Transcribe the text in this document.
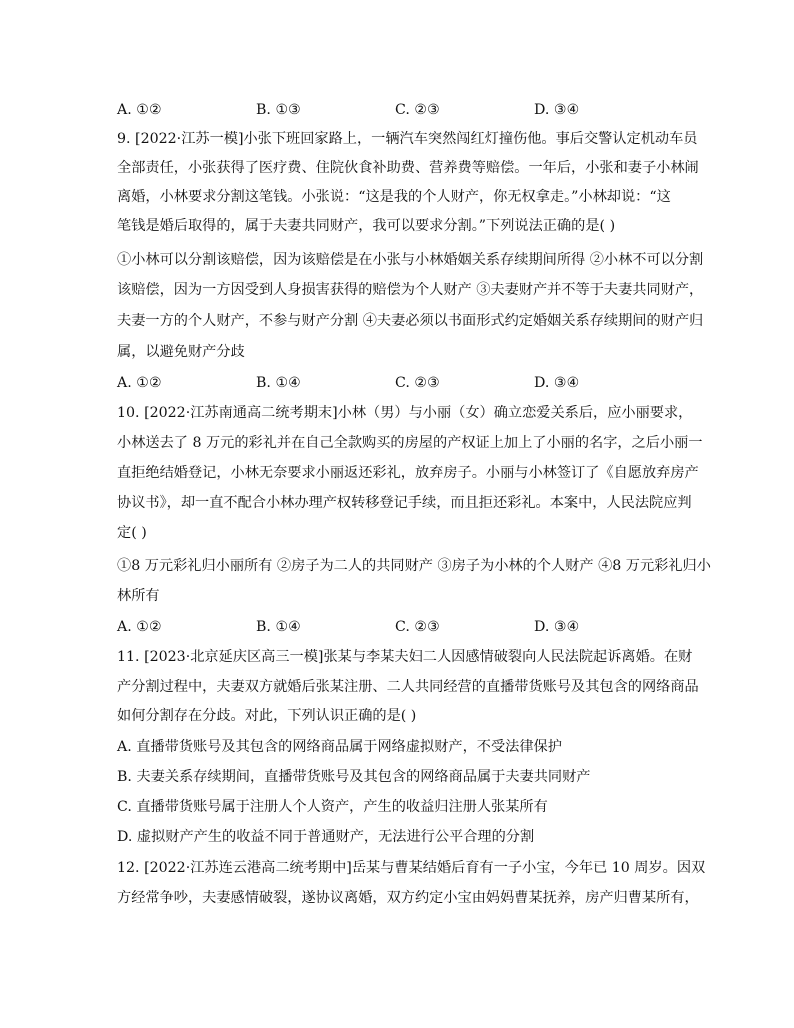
A. ①②	B. ①③	C. ②③	D. ③④
9. [2022·江苏一模]小张下班回家路上，一辆汽车突然闯红灯撞伤他。事后交警认定机动车员
全部责任，小张获得了医疗费、住院伙食补助费、营养费等赔偿。一年后，小张和妻子小林闹
离婚，小林要求分割这笔钱。小张说：“这是我的个人财产，你无权拿走。”小林却说：“这
笔钱是婚后取得的，属于夫妻共同财产，我可以要求分割。”下列说法正确的是( )
①小林可以分割该赔偿，因为该赔偿是在小张与小林婚姻关系存续期间所得 ②小林不可以分割
该赔偿，因为一方因受到人身损害获得的赔偿为个人财产 ③夫妻财产并不等于夫妻共同财产，
夫妻一方的个人财产，不参与财产分割 ④夫妻必须以书面形式约定婚姻关系存续期间的财产归
属，以避免财产分歧
A. ①②	B. ①④	C. ②③	D. ③④
10. [2022·江苏南通高二统考期末]小林（男）与小丽（女）确立恋爱关系后，应小丽要求，
小林送去了 8 万元的彩礼并在自己全款购买的房屋的产权证上加上了小丽的名字，之后小丽一
直拒绝结婚登记，小林无奈要求小丽返还彩礼，放弃房子。小丽与小林签订了《自愿放弃房产
协议书》，却一直不配合小林办理产权转移登记手续，而且拒还彩礼。本案中，人民法院应判
定( )
①8 万元彩礼归小丽所有 ②房子为二人的共同财产 ③房子为小林的个人财产 ④8 万元彩礼归小
林所有
A. ①②	B. ①④	C. ②③	D. ③④
11. [2023·北京延庆区高三一模]张某与李某夫妇二人因感情破裂向人民法院起诉离婚。在财
产分割过程中，夫妻双方就婚后张某注册、二人共同经营的直播带货账号及其包含的网络商品
如何分割存在分歧。对此，下列认识正确的是( )
A. 直播带货账号及其包含的网络商品属于网络虚拟财产，不受法律保护
B. 夫妻关系存续期间，直播带货账号及其包含的网络商品属于夫妻共同财产
C. 直播带货账号属于注册人个人资产，产生的收益归注册人张某所有
D. 虚拟财产产生的收益不同于普通财产，无法进行公平合理的分割
12. [2022·江苏连云港高二统考期中]岳某与曹某结婚后育有一子小宝，今年已 10 周岁。因双
方经常争吵，夫妻感情破裂，遂协议离婚，双方约定小宝由妈妈曹某抚养，房产归曹某所有，
